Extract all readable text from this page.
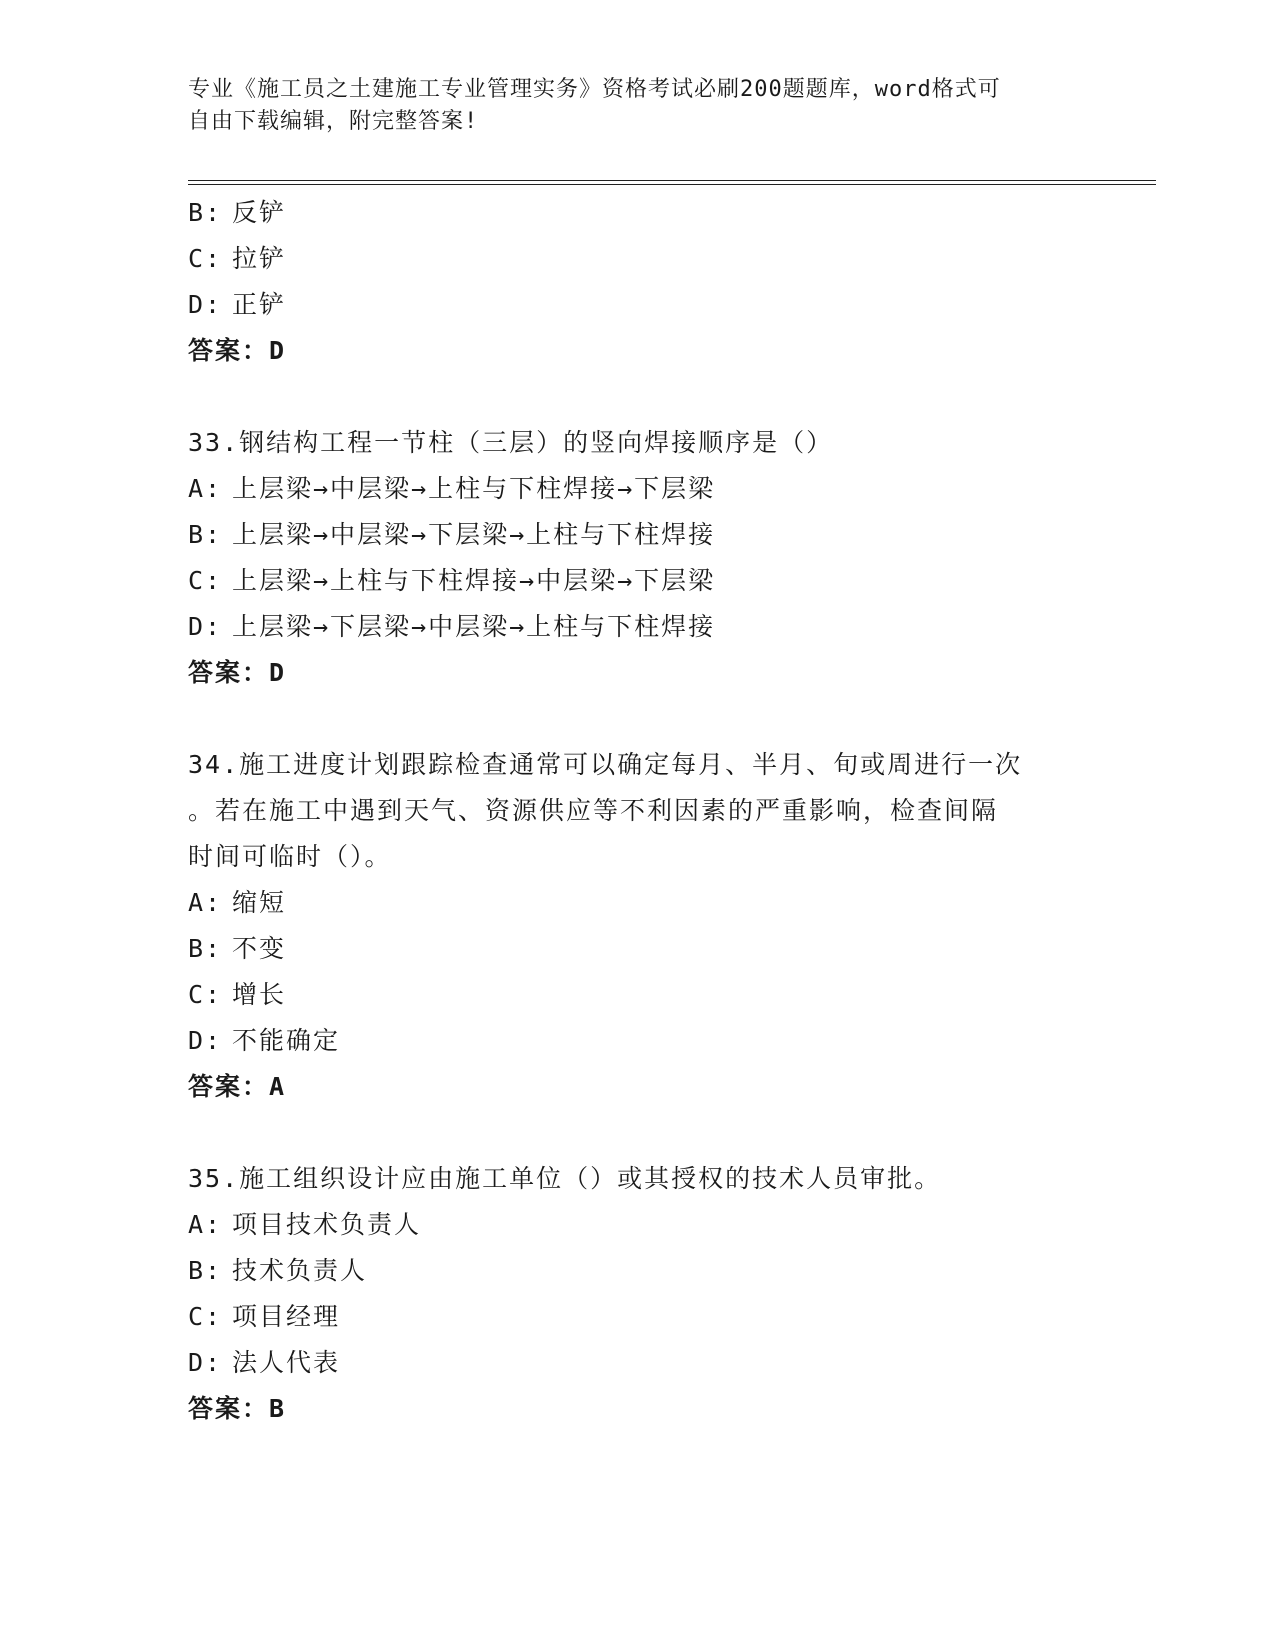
专业《施工员之土建施工专业管理实务》资格考试必刷200题题库，word格式可
自由下载编辑，附完整答案!
B: 反铲
C: 拉铲
D: 正铲
答案：D
33.钢结构工程一节柱（三层）的竖向焊接顺序是（）
A: 上层梁→中层梁→上柱与下柱焊接→下层梁
B: 上层梁→中层梁→下层梁→上柱与下柱焊接
C: 上层梁→上柱与下柱焊接→中层梁→下层梁
D: 上层梁→下层梁→中层梁→上柱与下柱焊接
答案：D
34.施工进度计划跟踪检查通常可以确定每月、半月、旬或周进行一次
。若在施工中遇到天气、资源供应等不利因素的严重影响，检查间隔
时间可临时（）。
A: 缩短
B: 不变
C: 增长
D: 不能确定
答案：A
35.施工组织设计应由施工单位（）或其授权的技术人员审批。
A: 项目技术负责人
B: 技术负责人
C: 项目经理
D: 法人代表
答案：B
